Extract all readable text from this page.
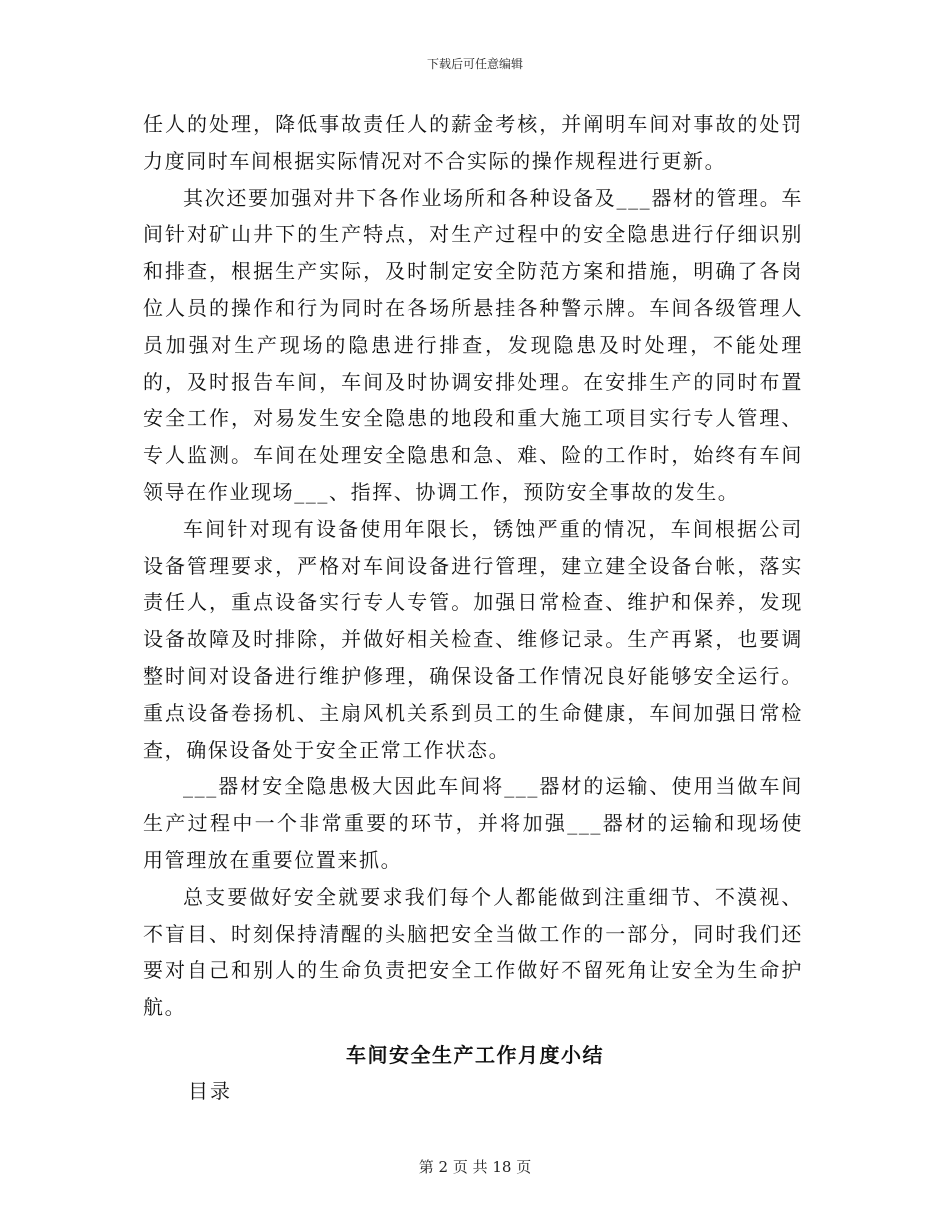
下载后可任意编辑

任人的处理，降低事故责任人的薪金考核，并阐明车间对事故的处罚力度同时车间根据实际情况对不合实际的操作规程进行更新。

其次还要加强对井下各作业场所和各种设备及___器材的管理。车间针对矿山井下的生产特点，对生产过程中的安全隐患进行仔细识别和排查，根据生产实际，及时制定安全防范方案和措施，明确了各岗位人员的操作和行为同时在各场所悬挂各种警示牌。车间各级管理人员加强对生产现场的隐患进行排查，发现隐患及时处理，不能处理的，及时报告车间，车间及时协调安排处理。在安排生产的同时布置安全工作，对易发生安全隐患的地段和重大施工项目实行专人管理、专人监测。车间在处理安全隐患和急、难、险的工作时，始终有车间领导在作业现场___、指挥、协调工作，预防安全事故的发生。

车间针对现有设备使用年限长，锈蚀严重的情况，车间根据公司设备管理要求，严格对车间设备进行管理，建立建全设备台帐，落实责任人，重点设备实行专人专管。加强日常检查、维护和保养，发现设备故障及时排除，并做好相关检查、维修记录。生产再紧，也要调整时间对设备进行维护修理，确保设备工作情况良好能够安全运行。重点设备卷扬机、主扇风机关系到员工的生命健康，车间加强日常检查，确保设备处于安全正常工作状态。

___器材安全隐患极大因此车间将___器材的运输、使用当做车间生产过程中一个非常重要的环节，并将加强___器材的运输和现场使用管理放在重要位置来抓。

总支要做好安全就要求我们每个人都能做到注重细节、不漠视、不盲目、时刻保持清醒的头脑把安全当做工作的一部分，同时我们还要对自己和别人的生命负责把安全工作做好不留死角让安全为生命护航。

车间安全生产工作月度小结
目录
第 2 页 共 18 页
